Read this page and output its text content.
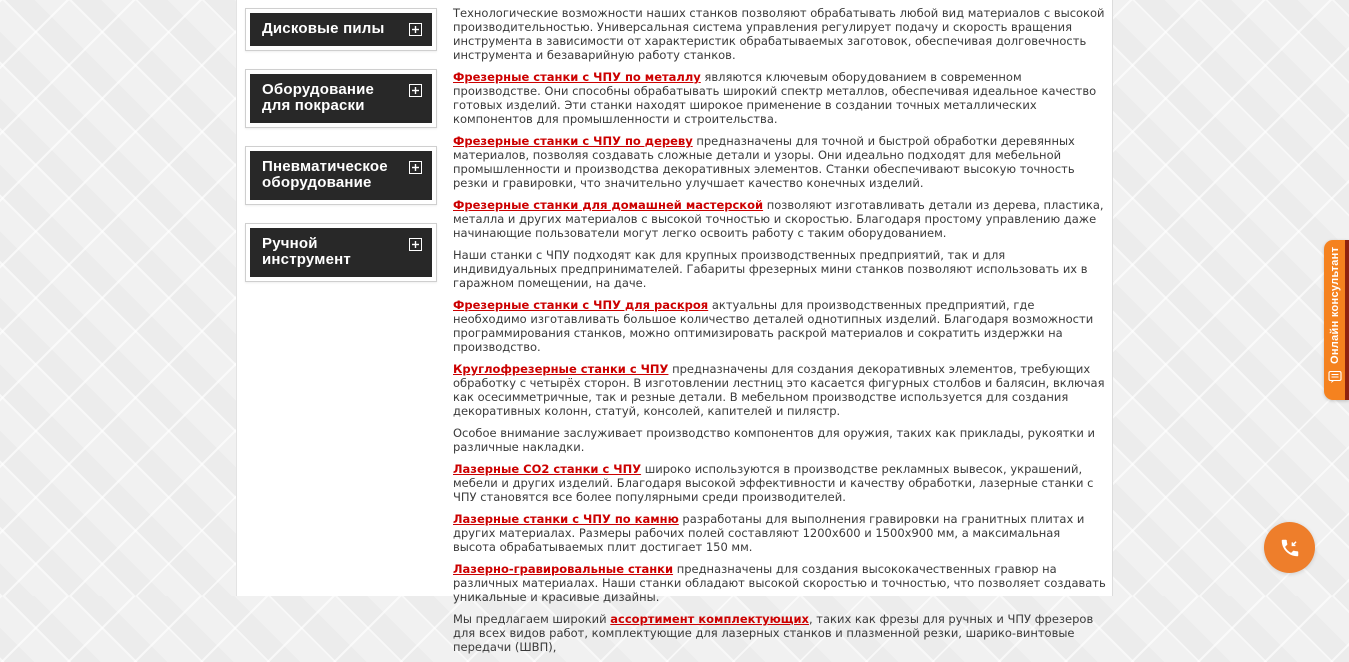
Дисковые пилы
Оборудование для покраски
Пневматическое оборудование
Ручной инструмент

Технологические возможности наших станков позволяют обрабатывать любой вид материалов с высокой производительностью. Универсальная система управления регулирует подачу и скорость вращения инструмента в зависимости от характеристик обрабатываемых заготовок, обеспечивая долговечность инструмента и безаварийную работу станков.

Фрезерные станки с ЧПУ по металлу являются ключевым оборудованием в современном производстве. Они способны обрабатывать широкий спектр металлов, обеспечивая идеальное качество готовых изделий. Эти станки находят широкое применение в создании точных металлических компонентов для промышленности и строительства.

Фрезерные станки с ЧПУ по дереву предназначены для точной и быстрой обработки деревянных материалов, позволяя создавать сложные детали и узоры. Они идеально подходят для мебельной промышленности и производства декоративных элементов. Станки обеспечивают высокую точность резки и гравировки, что значительно улучшает качество конечных изделий.

Фрезерные станки для домашней мастерской позволяют изготавливать детали из дерева, пластика, металла и других материалов с высокой точностью и скоростью. Благодаря простому управлению даже начинающие пользователи могут легко освоить работу с таким оборудованием.

Наши станки с ЧПУ подходят как для крупных производственных предприятий, так и для индивидуальных предпринимателей. Габариты фрезерных мини станков позволяют использовать их в гаражном помещении, на даче.

Фрезерные станки с ЧПУ для раскроя актуальны для производственных предприятий, где необходимо изготавливать большое количество деталей однотипных изделий. Благодаря возможности программирования станков, можно оптимизировать раскрой материалов и сократить издержки на производство.

Круглофрезерные станки с ЧПУ предназначены для создания декоративных элементов, требующих обработку с четырёх сторон. В изготовлении лестниц это касается фигурных столбов и балясин, включая как осесимметричные, так и резные детали. В мебельном производстве используется для создания декоративных колонн, статуй, консолей, капителей и пилястр.

Особое внимание заслуживает производство компонентов для оружия, таких как приклады, рукоятки и различные накладки.

Лазерные CO2 станки с ЧПУ широко используются в производстве рекламных вывесок, украшений, мебели и других изделий. Благодаря высокой эффективности и качеству обработки, лазерные станки с ЧПУ становятся все более популярными среди производителей.

Лазерные станки с ЧПУ по камню разработаны для выполнения гравировки на гранитных плитах и других материалах. Размеры рабочих полей составляют 1200х600 и 1500х900 мм, а максимальная высота обрабатываемых плит достигает 150 мм.

Лазерно-гравировальные станки предназначены для создания высококачественных гравюр на различных материалах. Наши станки обладают высокой скоростью и точностью, что позволяет создавать уникальные и красивые дизайны.

Мы предлагаем широкий ассортимент комплектующих, таких как фрезы для ручных и ЧПУ фрезеров для всех видов работ, комплектующие для лазерных станков и плазменной резки, шарико-винтовые передачи (ШВП),

Онлайн консультант
